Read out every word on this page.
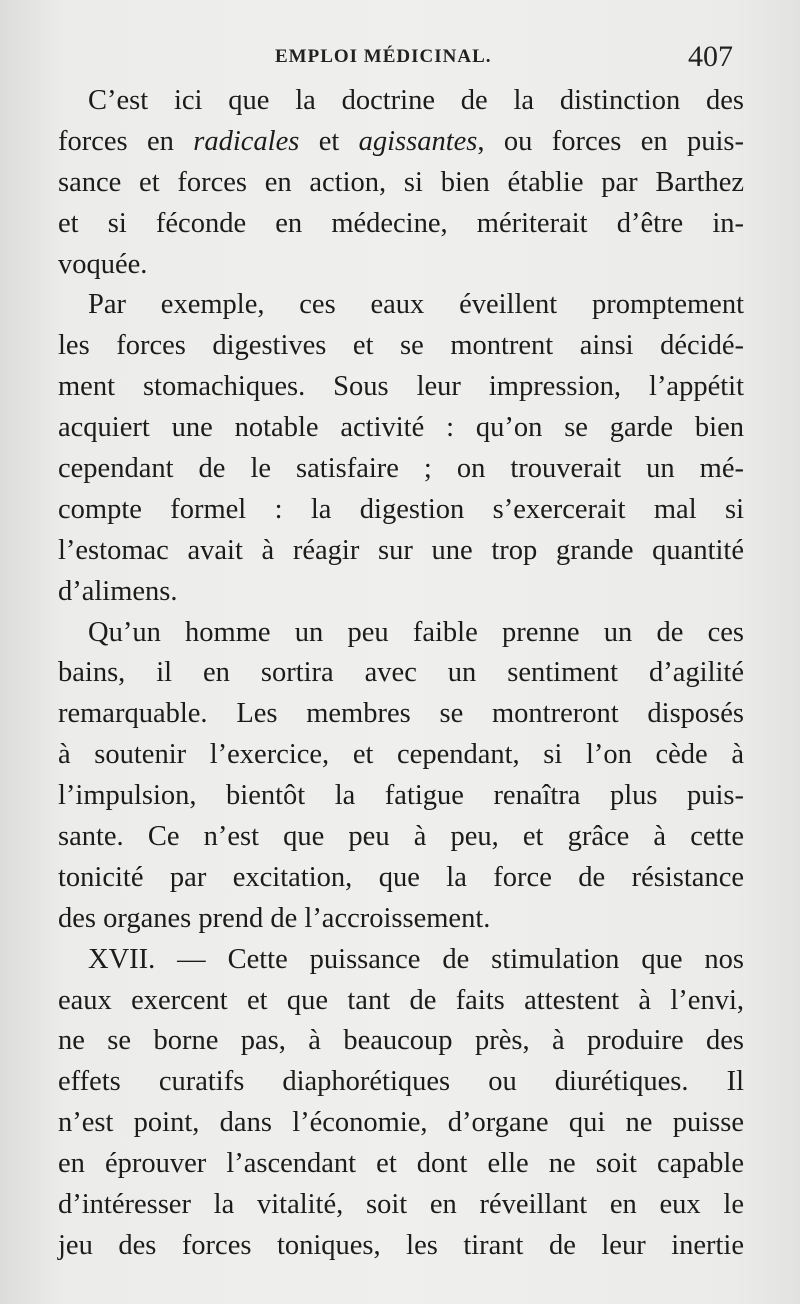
EMPLOI MÉDICINAL.	407
C’est ici que la doctrine de la distinction des
forces en radicales et agissantes, ou forces en puis-
sance et forces en action, si bien établie par Barthez
et si féconde en médecine, mériterait d’être in-
voquée.
Par exemple, ces eaux éveillent promptement
les forces digestives et se montrent ainsi décidé-
ment stomachiques. Sous leur impression, l’appétit
acquiert une notable activité : qu’on se garde bien
cependant de le satisfaire ; on trouverait un mé-
compte formel : la digestion s’exercerait mal si
l’estomac avait à réagir sur une trop grande quantité
d’alimens.
Qu’un homme un peu faible prenne un de ces
bains, il en sortira avec un sentiment d’agilité
remarquable. Les membres se montreront disposés
à soutenir l’exercice, et cependant, si l’on cède à
l’impulsion, bientôt la fatigue renaîtra plus puis-
sante. Ce n’est que peu à peu, et grâce à cette
tonicité par excitation, que la force de résistance
des organes prend de l’accroissement.
XVII. — Cette puissance de stimulation que nos
eaux exercent et que tant de faits attestent à l’envi,
ne se borne pas, à beaucoup près, à produire des
effets curatifs diaphorétiques ou diurétiques. Il
n’est point, dans l’économie, d’organe qui ne puisse
en éprouver l’ascendant et dont elle ne soit capable
d’intéresser la vitalité, soit en réveillant en eux le
jeu des forces toniques, les tirant de leur inertie
